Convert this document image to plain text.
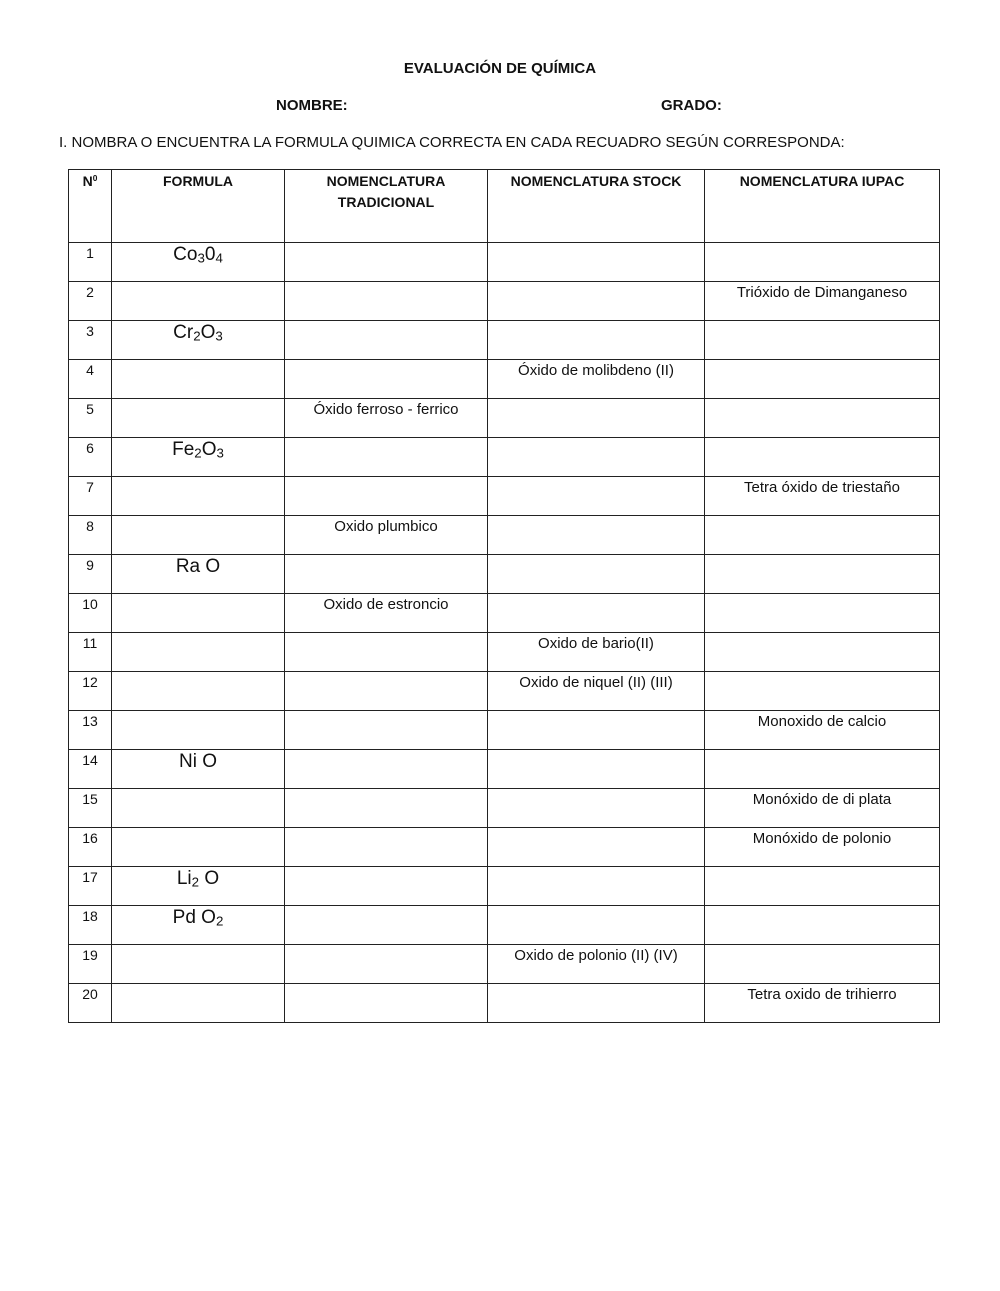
EVALUACIÓN DE QUÍMICA
NOMBRE:	GRADO:
I. NOMBRA O ENCUENTRA LA FORMULA QUIMICA CORRECTA EN CADA RECUADRO SEGÚN CORRESPONDA:
$N^0$	FORMULA	NOMENCLATURA
TRADICIONAL	NOMENCLATURA STOCK	NOMENCLATURA IUPAC
1	$Co_30_4$			
2				Trióxido de Dimanganeso
3	$Cr_2O_3$			
4			Óxido de molibdeno (II)	
5		Óxido ferroso - ferrico		
6	$Fe_2O_3$			
7				Tetra óxido de triestaño
8		Oxido plumbico		
9	Ra O			
10		Oxido de estroncio		
11			Oxido de bario(II)	
12			Oxido de niquel (II) (III)	
13				Monoxido de calcio
14	Ni O			
15				Monóxido de di plata
16				Monóxido de polonio
17	$Li_2$ O			
18	Pd $O_2$			
19			Oxido de polonio (II) (IV)	
20				Tetra oxido de trihierro
